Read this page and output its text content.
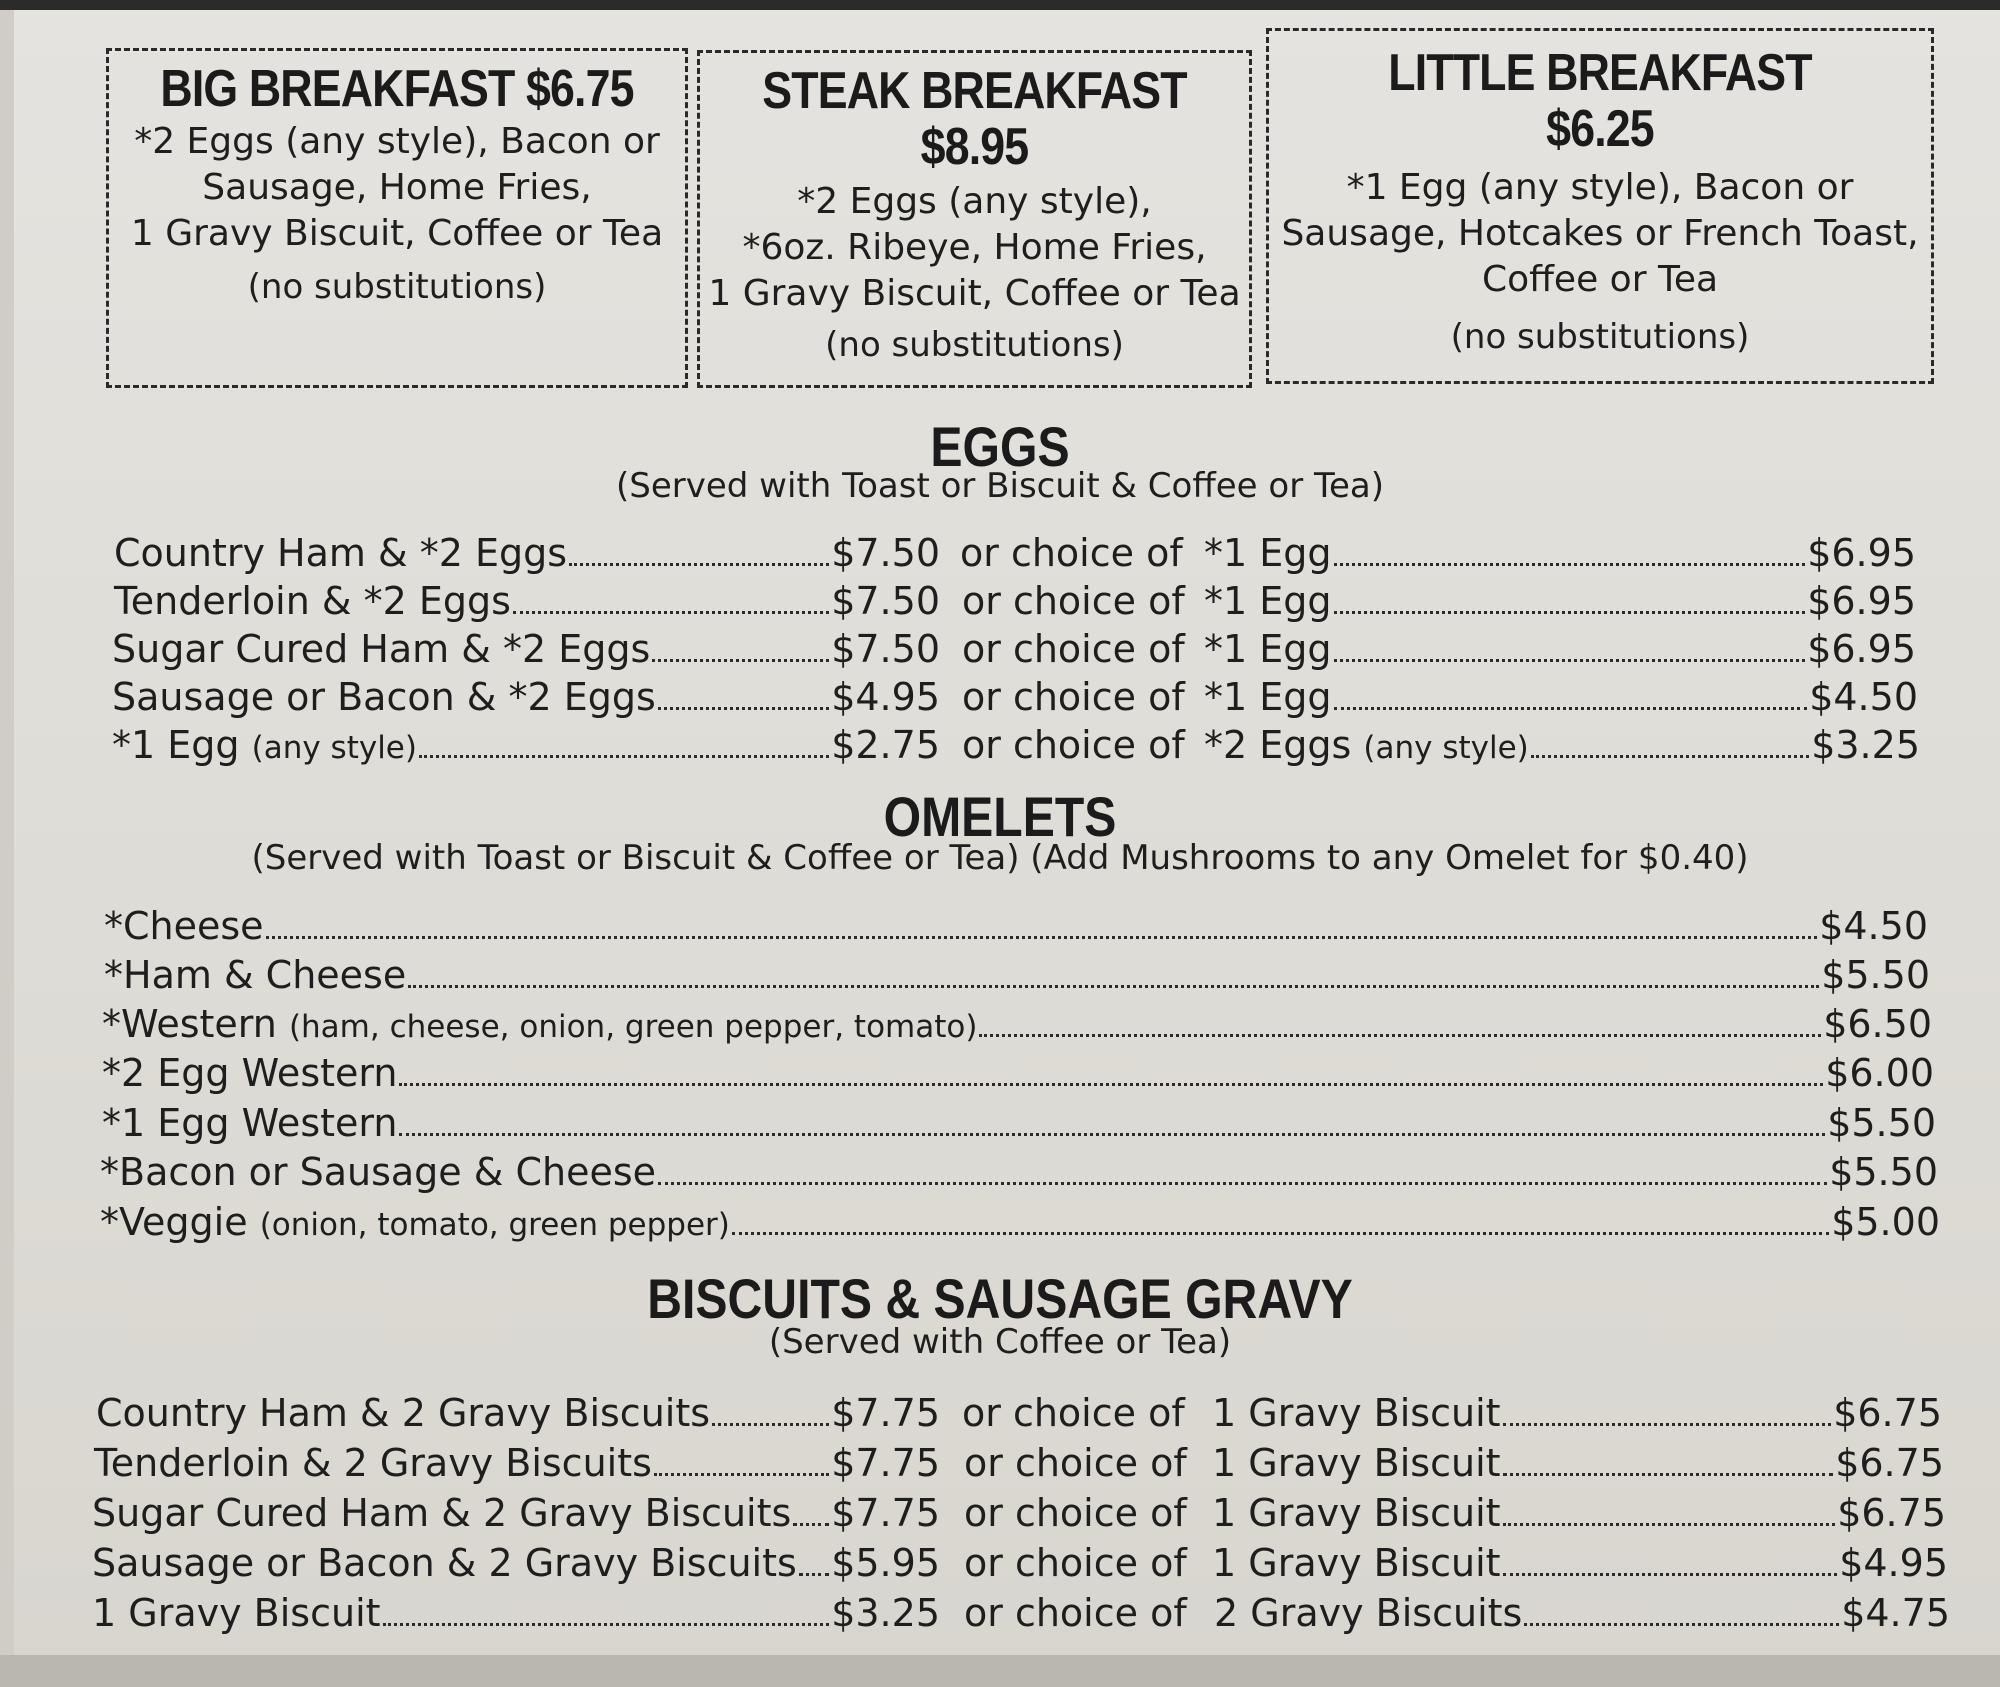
BIG BREAKFAST $6.75
*2 Eggs (any style), Bacon or
Sausage, Home Fries,
1 Gravy Biscuit, Coffee or Tea
(no substitutions)
STEAK BREAKFAST
$8.95
*2 Eggs (any style),
*6oz. Ribeye, Home Fries,
1 Gravy Biscuit, Coffee or Tea
(no substitutions)
LITTLE BREAKFAST
$6.25
*1 Egg (any style), Bacon or
Sausage, Hotcakes or French Toast,
Coffee or Tea
(no substitutions)
EGGS
(Served with Toast or Biscuit & Coffee or Tea)
Country Ham & *2 Eggs	$7.50 or choice of *1 Egg	$6.95
Tenderloin & *2 Eggs	$7.50 or choice of *1 Egg	$6.95
Sugar Cured Ham & *2 Eggs	$7.50 or choice of *1 Egg	$6.95
Sausage or Bacon & *2 Eggs	$4.95 or choice of *1 Egg	$4.50
*1 Egg (any style)	$2.75 or choice of *2 Eggs (any style)	$3.25
OMELETS
(Served with Toast or Biscuit & Coffee or Tea) (Add Mushrooms to any Omelet for $0.40)
*Cheese	$4.50
*Ham & Cheese	$5.50
*Western (ham, cheese, onion, green pepper, tomato)	$6.50
*2 Egg Western	$6.00
*1 Egg Western	$5.50
*Bacon or Sausage & Cheese	$5.50
*Veggie (onion, tomato, green pepper)	$5.00
BISCUITS & SAUSAGE GRAVY
(Served with Coffee or Tea)
Country Ham & 2 Gravy Biscuits	$7.75 or choice of 1 Gravy Biscuit	$6.75
Tenderloin & 2 Gravy Biscuits	$7.75 or choice of 1 Gravy Biscuit	$6.75
Sugar Cured Ham & 2 Gravy Biscuits $7.75 or choice of 1 Gravy Biscuit	$6.75
Sausage or Bacon & 2 Gravy Biscuits $5.95 or choice of 1 Gravy Biscuit	$4.95
1 Gravy Biscuit	$3.25 or choice of 2 Gravy Biscuits	$4.75
